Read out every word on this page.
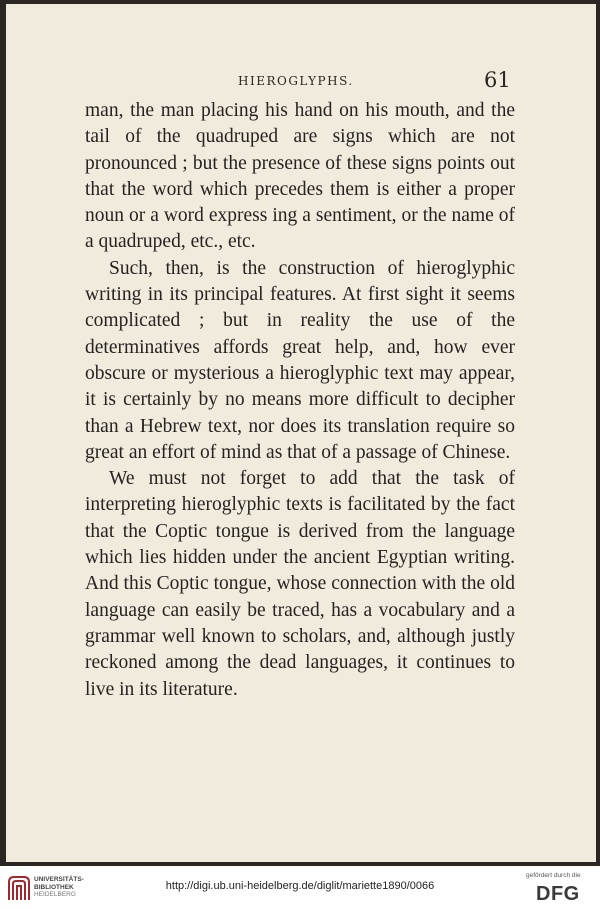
HIEROGLYPHS.	61

man, the man placing his hand on his mouth, and the tail of the quadruped are signs which are not pronounced ; but the presence of these signs points out that the word which precedes them is either a proper noun or a word express ing a sentiment, or the name of a quadruped, etc., etc.

Such, then, is the construction of hieroglyphic writing in its principal features. At first sight it seems complicated ; but in reality the use of the determinatives affords great help, and, how ever obscure or mysterious a hieroglyphic text may appear, it is certainly by no means more difficult to decipher than a Hebrew text, nor does its translation require so great an effort of mind as that of a passage of Chinese.

We must not forget to add that the task of interpreting hieroglyphic texts is facilitated by the fact that the Coptic tongue is derived from the language which lies hidden under the ancient Egyptian writing. And this Coptic tongue, whose connection with the old language can easily be traced, has a vocabulary and a grammar well known to scholars, and, although justly reckoned among the dead languages, it continues to live in its literature.

UNIVERSITÄTS-
BIBLIOTHEK
HEIDELBERG
http://digi.ub.uni-heidelberg.de/diglit/mariette1890/0066
gefördert durch die
DFG
